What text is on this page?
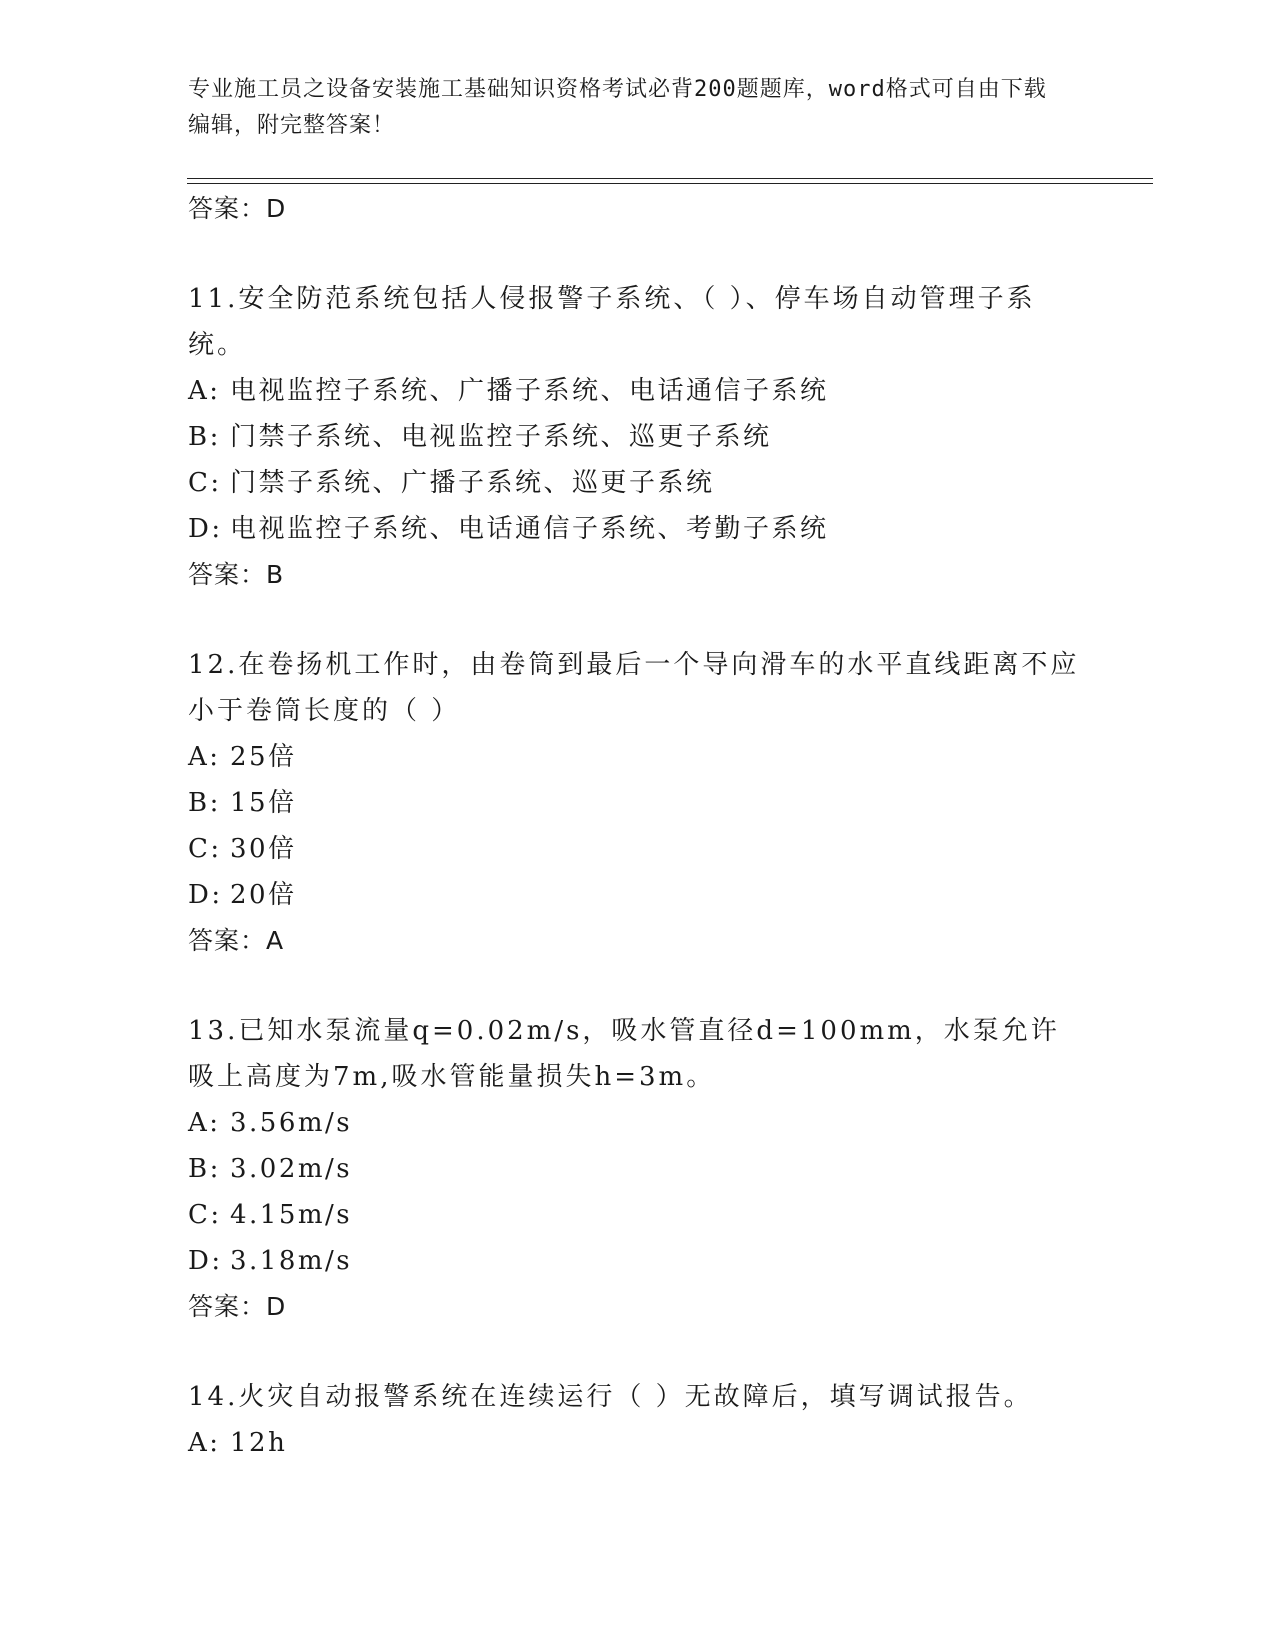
专业施工员之设备安装施工基础知识资格考试必背200题题库，word格式可自由下载编辑，附完整答案！
答案：D
11.安全防范系统包括人侵报警子系统、（ ）、停车场自动管理子系统。
A: 电视监控子系统、广播子系统、电话通信子系统
B: 门禁子系统、电视监控子系统、巡更子系统
C: 门禁子系统、广播子系统、巡更子系统
D: 电视监控子系统、电话通信子系统、考勤子系统
答案：B
12.在卷扬机工作时，由卷筒到最后一个导向滑车的水平直线距离不应小于卷筒长度的（ ）
A: 25倍
B: 15倍
C: 30倍
D: 20倍
答案：A
13.已知水泵流量q=0.02m/s，吸水管直径d=100mm，水泵允许吸上高度为7m,吸水管能量损失h=3m。
A: 3.56m/s
B: 3.02m/s
C: 4.15m/s
D: 3.18m/s
答案：D
14.火灾自动报警系统在连续运行（ ）无故障后，填写调试报告。
A: 12h
